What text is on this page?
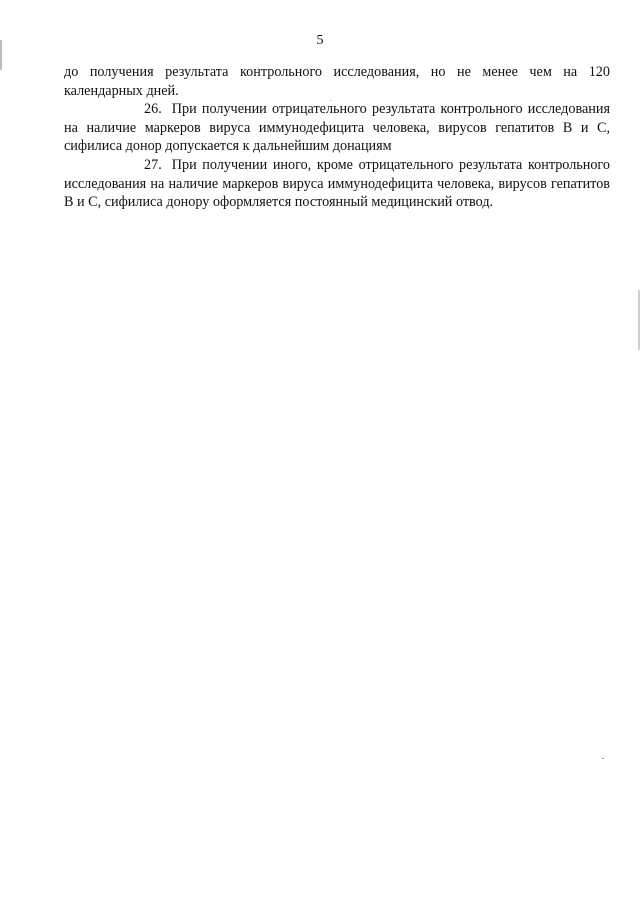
5

до получения результата контрольного исследования, но не менее чем на 120 календарных дней.

26. При получении отрицательного результата контрольного исследования на наличие маркеров вируса иммунодефицита человека, вирусов гепатитов В и С, сифилиса донор допускается к дальнейшим донациям

27. При получении иного, кроме отрицательного результата контрольного исследования на наличие маркеров вируса иммунодефицита человека, вирусов гепатитов В и С, сифилиса донору оформляется постоянный медицинский отвод.
